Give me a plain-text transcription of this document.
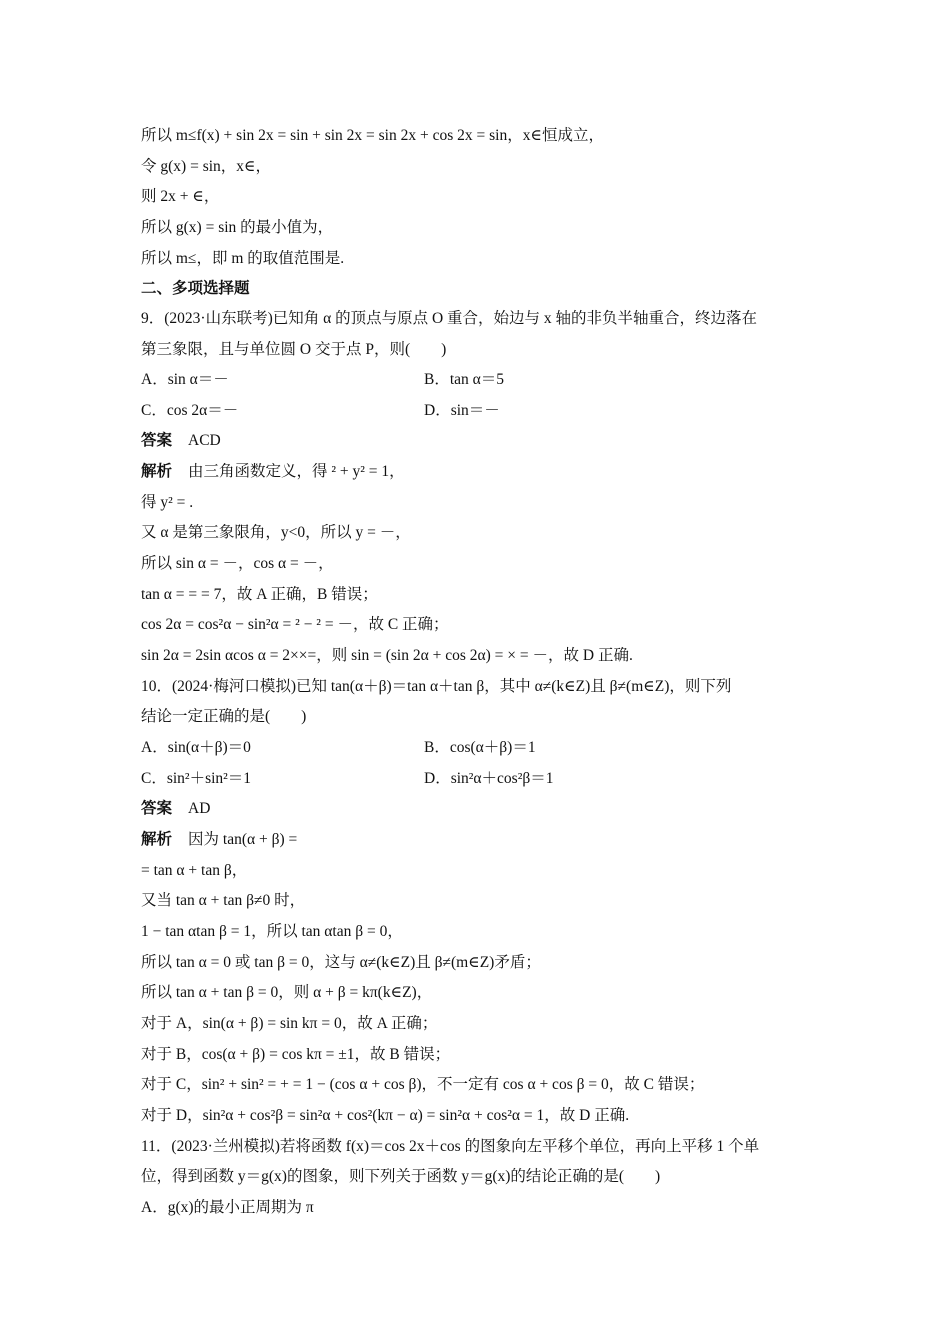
所以 m≤f(x) + sin 2x = sin + sin 2x = sin 2x + cos 2x = sin，x∈恒成立，
令 g(x) = sin，x∈，
则 2x + ∈，
所以 g(x) = sin 的最小值为，
所以 m≤，即 m 的取值范围是.
二、多项选择题
9．(2023·山东联考)已知角 α 的顶点与原点 O 重合，始边与 x 轴的非负半轴重合，终边落在
第三象限，且与单位圆 O 交于点 P，则(　　)
A．sin α＝－	B．tan α＝5
C．cos 2α＝－	D．sin＝－
答案 ACD
解析 由三角函数定义，得 ² + y² = 1，
得 y² = .
又 α 是第三象限角，y<0，所以 y = －，
所以 sin α = －，cos α = －，
tan α = = = 7，故 A 正确，B 错误；
cos 2α = cos²α − sin²α = ² − ² = －，故 C 正确；
sin 2α = 2sin αcos α = 2××=，则 sin = (sin 2α + cos 2α) = × = －，故 D 正确.
10．(2024·梅河口模拟)已知 tan(α＋β)＝tan α＋tan β，其中 α≠(k∈Z)且 β≠(m∈Z)，则下列
结论一定正确的是(　　)
A．sin(α＋β)＝0	B．cos(α＋β)＝1
C．sin²＋sin²＝1	D．sin²α＋cos²β＝1
答案 AD
解析 因为 tan(α + β) =
= tan α + tan β，
又当 tan α + tan β≠0 时，
1 − tan αtan β = 1，所以 tan αtan β = 0，
所以 tan α = 0 或 tan β = 0，这与 α≠(k∈Z)且 β≠(m∈Z)矛盾；
所以 tan α + tan β = 0，则 α + β = kπ(k∈Z)，
对于 A，sin(α + β) = sin kπ = 0，故 A 正确；
对于 B，cos(α + β) = cos kπ = ±1，故 B 错误；
对于 C，sin² + sin² = + = 1 − (cos α + cos β)，不一定有 cos α + cos β = 0，故 C 错误；
对于 D，sin²α + cos²β = sin²α + cos²(kπ − α) = sin²α + cos²α = 1，故 D 正确.
11．(2023·兰州模拟)若将函数 f(x)＝cos 2x＋cos 的图象向左平移个单位，再向上平移 1 个单
位，得到函数 y＝g(x)的图象，则下列关于函数 y＝g(x)的结论正确的是(　　)
A．g(x)的最小正周期为 π
